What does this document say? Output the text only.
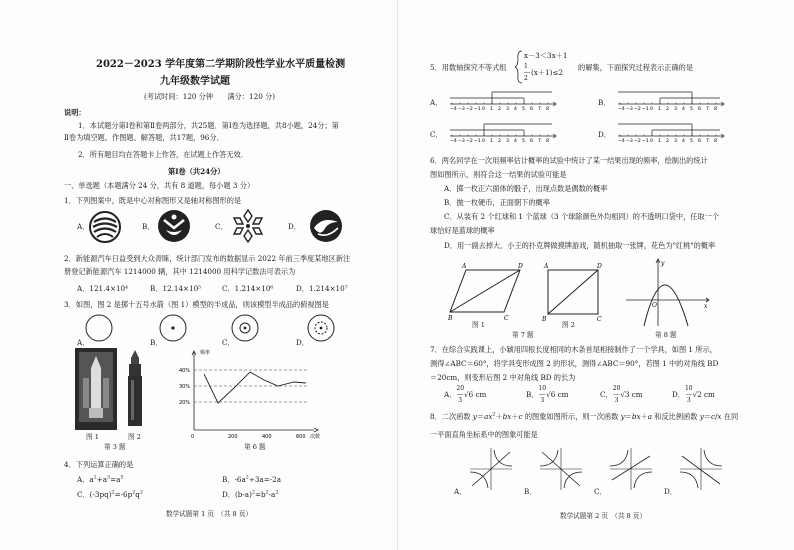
2022－2023 学年度第二学期阶段性学业水平质量检测
九年级数学试题
(考试时间：120 分钟　　满分：120 分)
说明：
1．本试题分第Ⅰ卷和第Ⅱ卷两部分，共25题．第Ⅰ卷为选择题，共8小题，24分；第
Ⅱ卷为填空题、作图题、解答题，共17题，96分．
2．所有题目均在答题卡上作答，在试题上作答无效．
第Ⅰ卷（共24分）
一、单选题（本题满分 24 分，共有 8 道题，每小题 3 分）
1．下列图案中，既是中心对称图形又是轴对称图形的是
A．	B．	C．	D．
2．新能源汽车日益受到大众青睐，统计部门发布的数据显示 2022 年前三季度某地区新注
册登记新能源汽车 1214000 辆，其中 1214000 用科学记数法可表示为
A．121.4×10⁴	B．12.14×10⁵	C．1.214×10⁶	D．1.214×10⁷
3．如图，图 2 是掷十五号水箭（图 1）模型的半成品，则该模型半成品的俯视图是
A．	B．	C．	D．
图 1	图 2
第 3 题
频率
40%
30%
20%
0	200	400	600 次数
第 6 题
4．下列运算正确的是
A．$a^2+a^3=a^5$	B．$-6a^2\div 3a=-2a$
C．$(-3pq)^2=-6p^2q^2$	D．$(b-a)^2=b^2-a^2$
数学试题第 1 页　（共 8 页）
5．用数轴探究不等式组
x－3＜3x＋1
1
―
2
(x＋1)≤2
的解集，下面探究过程表示正确的是
A．
−4 −3 −2 −1 0 1 2 3 4 5 6 7 8
B．
−4 −3 −2 −1 0 1 2 3 4 5 6 7 8
C．
−4 −3 −2 −1 0 1 2 3 4 5 6 7 8
D．
−4 −3 −2 −1 0 1 2 3 4 5 6 7 8
6．两名同学在一次用频率估计概率的试验中统计了某一结果出现的频率，绘制出的统计
图如图所示，则符合这一结果的试验可能是
A．掷一枚正六面体的骰子，出现点数是偶数的概率
B．抛一枚硬币，正面朝下的概率
C．从装有 2 个红球和 1 个蓝球（3 个球除颜色外均相同）的不透明口袋中，任取一个
球恰好是蓝球的概率
D．用一副去掉大、小王的扑克牌做摸牌游戏，随机抽取一张牌，花色为"红桃"的概率
A	D
B	C
A	D
B	C
图 1	图 2
第 7 题
y
O	x
第 8 题
7．在综合实践课上，小颖用四根长度相同的木条首尾相接制作了一个学具，如图 1 所示，
测得∠ABC＝60°，将学具变形成图 2 的形状，测得∠ABC＝90°，若图 1 中的对角线 BD
＝20cm，则变形后图 2 中对角线 BD 的长为
A．20
―
3√6 cm	B．10
―
3√6 cm	C．20
―
3√3 cm	D．10
―
3√2 cm
8．二次函数 $y=ax^2+bx+c$ 的图象如图所示，则一次函数 y＝bx＋a 和反比例函数 y＝c/x 在同
一平面直角坐标系中的图象可能是
A．	B．	C．	D．
数学试题第 2 页　（共 8 页）
